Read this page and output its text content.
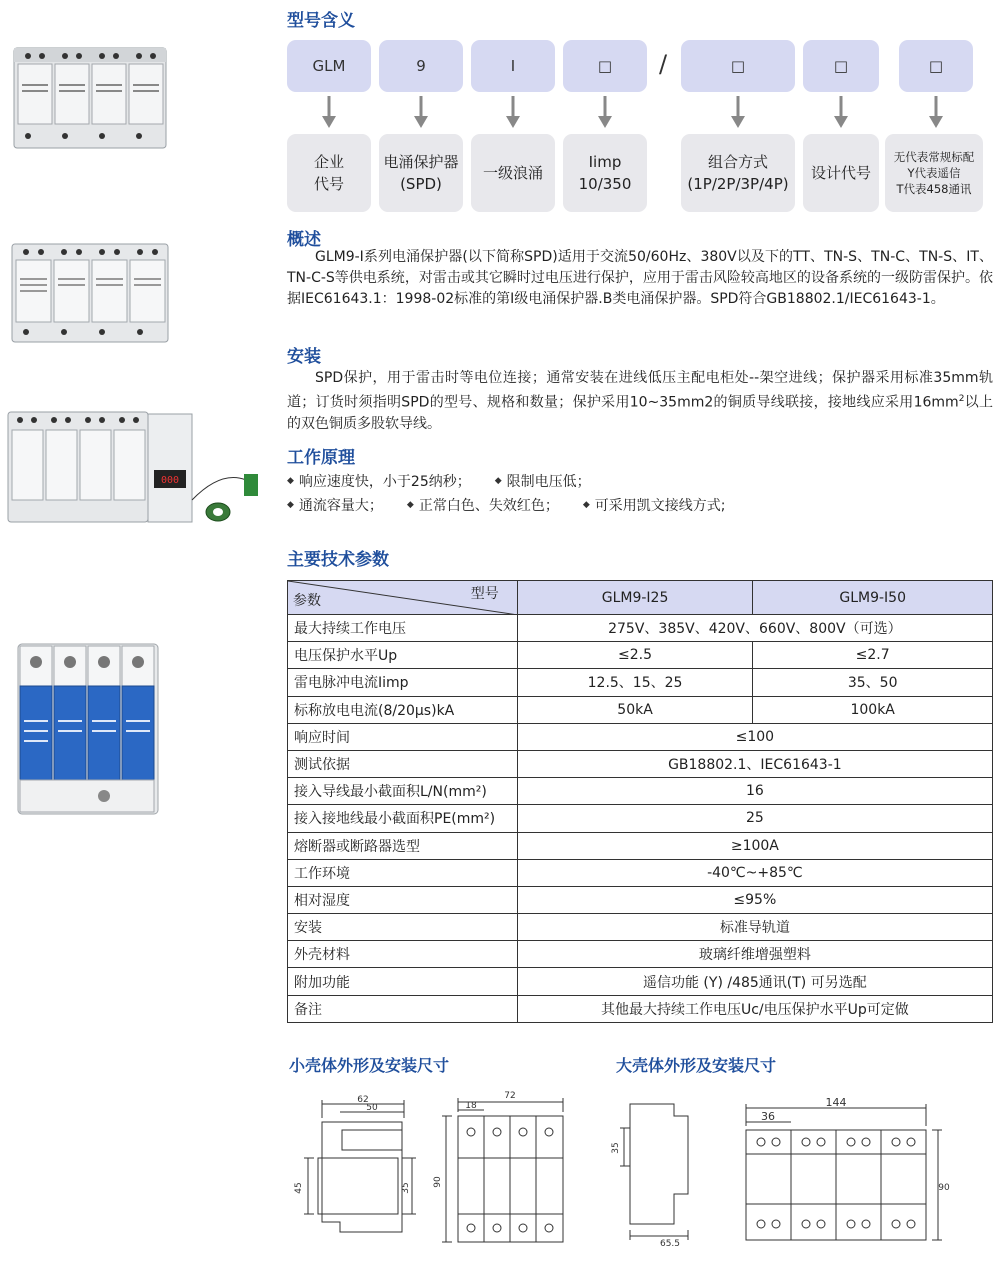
000
型号含义
GLM	9	I	□	/	□	□	□
企业
代号
电涌保护器
(SPD)
一级浪涌
Iimp
10/350
组合方式
(1P/2P/3P/4P)
设计代号
无代表常规标配
Y代表遥信
T代表458通讯
概述
GLM9-I系列电涌保护器(以下简称SPD)适用于交流50/60Hz、380V以及下的TT、TN-S、TN-C、TN-S、IT、TN-C-S等供电系统，对雷击或其它瞬时过电压进行保护，应用于雷击风险较高地区的设备系统的一级防雷保护。依据IEC61643.1：1998-02标准的第I级电涌保护器.B类电涌保护器。SPD符合GB18802.1/IEC61643-1。
安装
SPD保护，用于雷击时等电位连接；通常安装在进线低压主配电柜处--架空进线；保护器采用标准35mm轨道；订货时须指明SPD的型号、规格和数量；保护采用10~35mm2的铜质导线联接，接地线应采用$16mm^2$以上的双色铜质多股软导线。
工作原理
◆ 响应速度快，小于25纳秒；	◆ 限制电压低；
◆ 通流容量大；	◆ 正常白色、失效红色；	◆ 可采用凯文接线方式;
主要技术参数
型号
参数	GLM9-I25	GLM9-I50
最大持续工作电压	275V、385V、420V、660V、800V（可选）	
电压保护水平Up	≤2.5	≤2.7
雷电脉冲电流Iimp	12.5、15、25	35、50
标称放电电流(8/20μs)kA	50kA	100kA
响应时间	≤100	
测试依据	GB18802.1、IEC61643-1	
接入导线最小截面积L/N(mm²)	16	
接入接地线最小截面积PE(mm²)	25	
熔断器或断路器选型	≥100A	
工作环境	-40℃~+85℃	
相对湿度	≤95%	
安装	标准导轨道	
外壳材料	玻璃纤维增强塑料	
附加功能	遥信功能 (Y) /485通讯(T) 可另选配	
备注	其他最大持续工作电压Uc/电压保护水平Up可定做	
小壳体外形及安装尺寸	大壳体外形及安装尺寸
62
50
45	35
72
18
90
35
65.5
144
36
90
